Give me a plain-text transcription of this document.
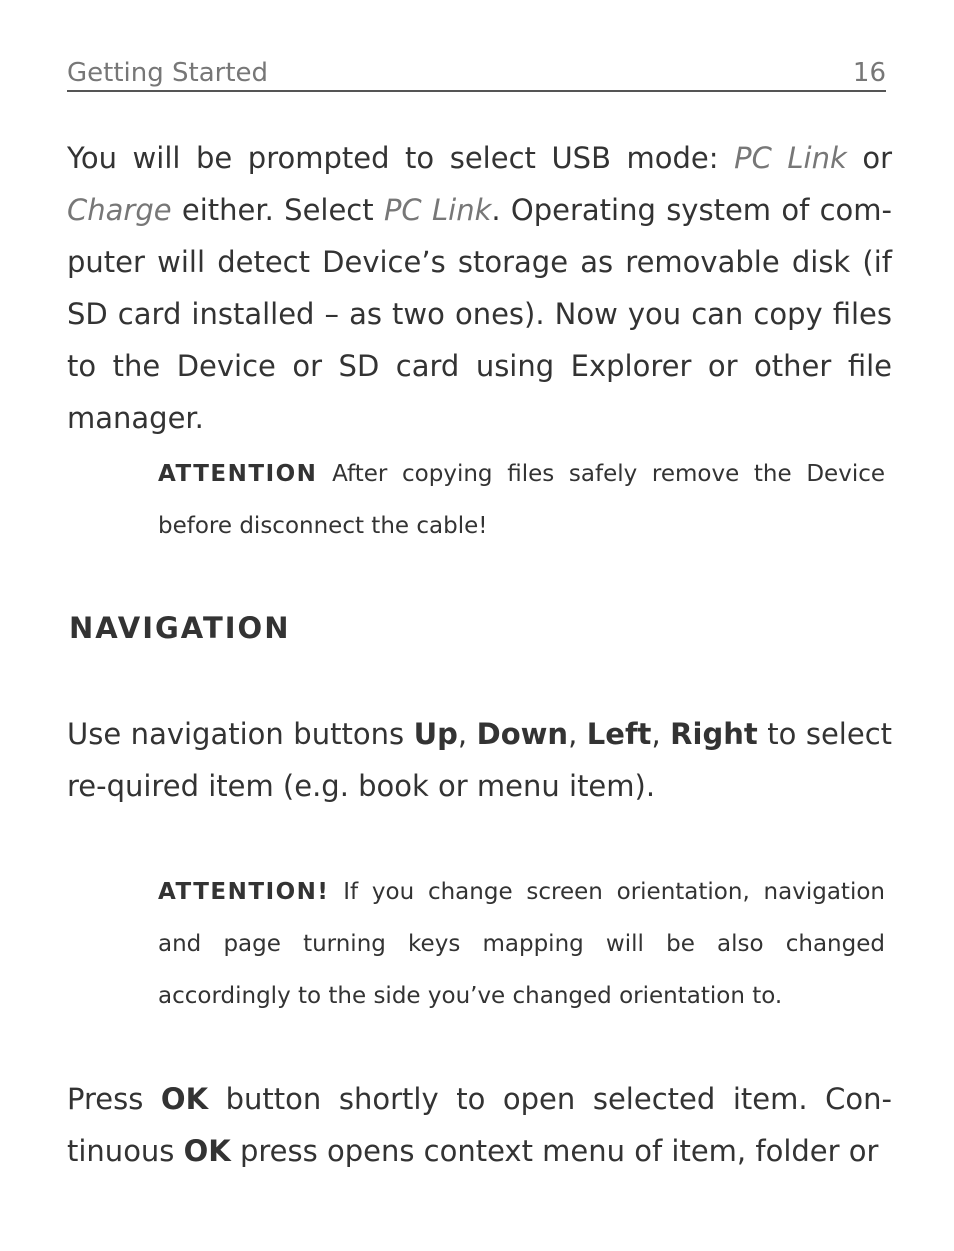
Getting Started	16
You will be prompted to select USB mode: PC Link or Charge either. Select PC Link. Operating system of com-puter will detect Device’s storage as removable disk (if SD card installed – as two ones). Now you can copy files to the Device or SD card using Explorer or other file manager.
ATTENTION After copying files safely remove the Device before disconnect the cable!
NAVIGATION
Use navigation buttons Up, Down, Left, Right to select re-quired item (e.g. book or menu item).
ATTENTION! If you change screen orientation, navigation and page turning keys mapping will be also changed accordingly to the side you’ve changed orientation to.
Press OK button shortly to open selected item. Con-tinuous OK press opens context menu of item, folder or
